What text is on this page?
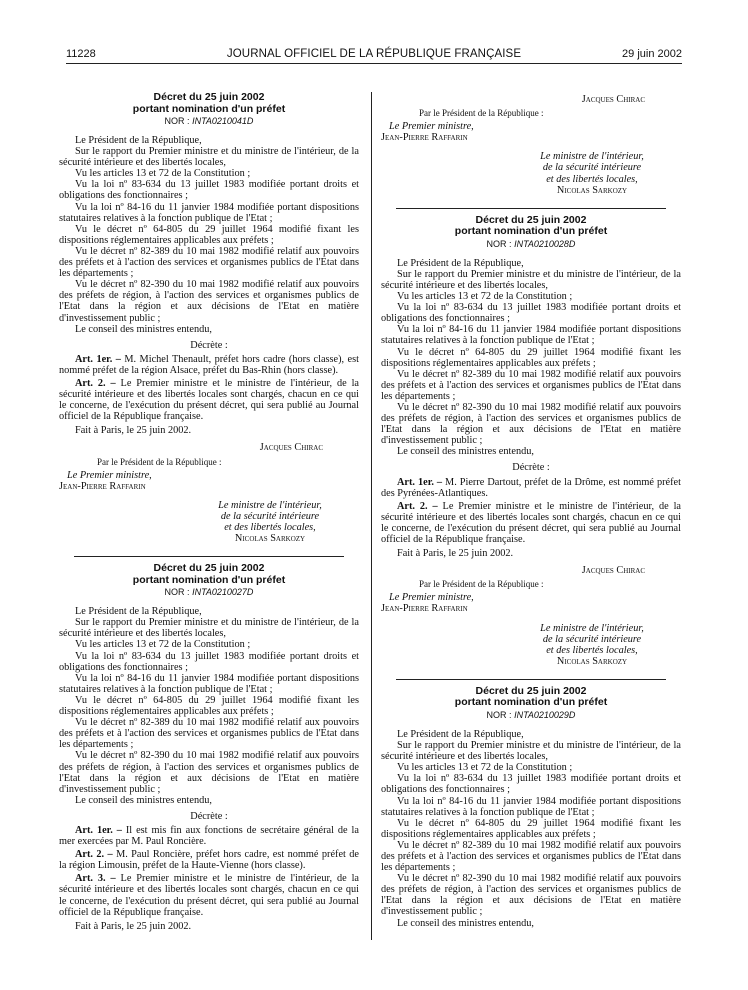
11228	JOURNAL OFFICIEL DE LA RÉPUBLIQUE FRANÇAISE	29 juin 2002
Décret du 25 juin 2002
portant nomination d'un préfet
NOR : INTA0210041D

Le Président de la République,

Sur le rapport du Premier ministre et du ministre de l'intérieur, de la sécurité intérieure et des libertés locales,

Vu les articles 13 et 72 de la Constitution ;

Vu la loi nº 83-634 du 13 juillet 1983 modifiée portant droits et obligations des fonctionnaires ;

Vu la loi nº 84-16 du 11 janvier 1984 modifiée portant dispositions statutaires relatives à la fonction publique de l'Etat ;

Vu le décret nº 64-805 du 29 juillet 1964 modifié fixant les dispositions réglementaires applicables aux préfets ;

Vu le décret nº 82-389 du 10 mai 1982 modifié relatif aux pouvoirs des préfets et à l'action des services et organismes publics de l'Etat dans les départements ;

Vu le décret nº 82-390 du 10 mai 1982 modifié relatif aux pouvoirs des préfets de région, à l'action des services et organismes publics de l'Etat dans la région et aux décisions de l'Etat en matière d'investissement public ;

Le conseil des ministres entendu,

Décrète :

Art. 1er. – M. Michel Thenault, préfet hors cadre (hors classe), est nommé préfet de la région Alsace, préfet du Bas-Rhin (hors classe).

Art. 2. – Le Premier ministre et le ministre de l'intérieur, de la sécurité intérieure et des libertés locales sont chargés, chacun en ce qui le concerne, de l'exécution du présent décret, qui sera publié au Journal officiel de la République française.

Fait à Paris, le 25 juin 2002.

Jacques Chirac
Par le Président de la République :
Le Premier ministre,
Jean-Pierre Raffarin
Le ministre de l'intérieur,
de la sécurité intérieure
et des libertés locales,
Nicolas Sarkozy
Décret du 25 juin 2002
portant nomination d'un préfet
NOR : INTA0210027D

Le Président de la République,

Sur le rapport du Premier ministre et du ministre de l'intérieur, de la sécurité intérieure et des libertés locales,

Vu les articles 13 et 72 de la Constitution ;

Vu la loi nº 83-634 du 13 juillet 1983 modifiée portant droits et obligations des fonctionnaires ;

Vu la loi nº 84-16 du 11 janvier 1984 modifiée portant dispositions statutaires relatives à la fonction publique de l'Etat ;

Vu le décret nº 64-805 du 29 juillet 1964 modifié fixant les dispositions réglementaires applicables aux préfets ;

Vu le décret nº 82-389 du 10 mai 1982 modifié relatif aux pouvoirs des préfets et à l'action des services et organismes publics de l'Etat dans les départements ;

Vu le décret nº 82-390 du 10 mai 1982 modifié relatif aux pouvoirs des préfets de région, à l'action des services et organismes publics de l'Etat dans la région et aux décisions de l'Etat en matière d'investissement public ;

Le conseil des ministres entendu,

Décrète :

Art. 1er. – Il est mis fin aux fonctions de secrétaire général de la mer exercées par M. Paul Roncière.

Art. 2. – M. Paul Roncière, préfet hors cadre, est nommé préfet de la région Limousin, préfet de la Haute-Vienne (hors classe).

Art. 3. – Le Premier ministre et le ministre de l'intérieur, de la sécurité intérieure et des libertés locales sont chargés, chacun en ce qui le concerne, de l'exécution du présent décret, qui sera publié au Journal officiel de la République française.

Fait à Paris, le 25 juin 2002.

Jacques Chirac
Par le Président de la République :
Le Premier ministre,
Jean-Pierre Raffarin
Le ministre de l'intérieur,
de la sécurité intérieure
et des libertés locales,
Nicolas Sarkozy
Décret du 25 juin 2002
portant nomination d'un préfet
NOR : INTA0210028D

Le Président de la République,

Sur le rapport du Premier ministre et du ministre de l'intérieur, de la sécurité intérieure et des libertés locales,

Vu les articles 13 et 72 de la Constitution ;

Vu la loi nº 83-634 du 13 juillet 1983 modifiée portant droits et obligations des fonctionnaires ;

Vu la loi nº 84-16 du 11 janvier 1984 modifiée portant dispositions statutaires relatives à la fonction publique de l'Etat ;

Vu le décret nº 64-805 du 29 juillet 1964 modifié fixant les dispositions réglementaires applicables aux préfets ;

Vu le décret nº 82-389 du 10 mai 1982 modifié relatif aux pouvoirs des préfets et à l'action des services et organismes publics de l'Etat dans les départements ;

Vu le décret nº 82-390 du 10 mai 1982 modifié relatif aux pouvoirs des préfets de région, à l'action des services et organismes publics de l'Etat dans la région et aux décisions de l'Etat en matière d'investissement public ;

Le conseil des ministres entendu,

Décrète :

Art. 1er. – M. Pierre Dartout, préfet de la Drôme, est nommé préfet des Pyrénées-Atlantiques.

Art. 2. – Le Premier ministre et le ministre de l'intérieur, de la sécurité intérieure et des libertés locales sont chargés, chacun en ce qui le concerne, de l'exécution du présent décret, qui sera publié au Journal officiel de la République française.

Fait à Paris, le 25 juin 2002.

Jacques Chirac
Par le Président de la République :
Le Premier ministre,
Jean-Pierre Raffarin
Le ministre de l'intérieur,
de la sécurité intérieure
et des libertés locales,
Nicolas Sarkozy
Décret du 25 juin 2002
portant nomination d'un préfet
NOR : INTA0210029D

Le Président de la République,

Sur le rapport du Premier ministre et du ministre de l'intérieur, de la sécurité intérieure et des libertés locales,

Vu les articles 13 et 72 de la Constitution ;

Vu la loi nº 83-634 du 13 juillet 1983 modifiée portant droits et obligations des fonctionnaires ;

Vu la loi nº 84-16 du 11 janvier 1984 modifiée portant dispositions statutaires relatives à la fonction publique de l'Etat ;

Vu le décret nº 64-805 du 29 juillet 1964 modifié fixant les dispositions réglementaires applicables aux préfets ;

Vu le décret nº 82-389 du 10 mai 1982 modifié relatif aux pouvoirs des préfets et à l'action des services et organismes publics de l'Etat dans les départements ;

Vu le décret nº 82-390 du 10 mai 1982 modifié relatif aux pouvoirs des préfets de région, à l'action des services et organismes publics de l'Etat dans la région et aux décisions de l'Etat en matière d'investissement public ;

Le conseil des ministres entendu,
